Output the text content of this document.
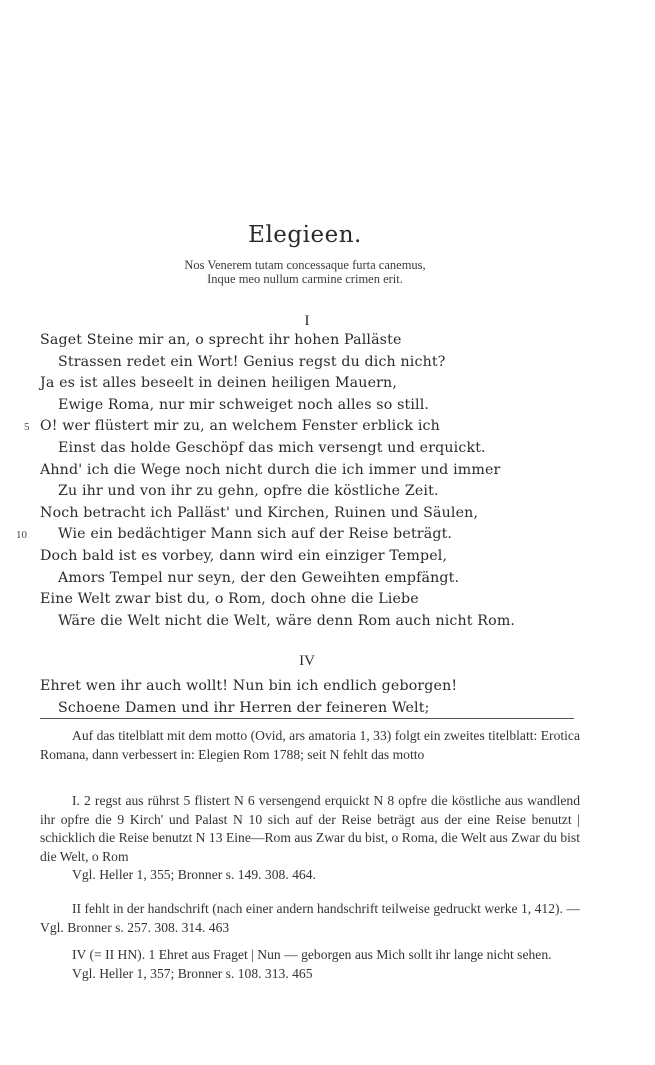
Elegieen.
Nos Venerem tutam concessaque furta canemus,
Inque meo nullum carmine crimen erit.
I
Saget Steine mir an, o sprecht ihr hohen Palläste
Strassen redet ein Wort! Genius regst du dich nicht?
Ja es ist alles beseelt in deinen heiligen Mauern,
Ewige Roma, nur mir schweiget noch alles so still.
O! wer flüstert mir zu, an welchem Fenster erblick ich
5
Einst das holde Geschöpf das mich versengt und erquickt.
Ahnd' ich die Wege noch nicht durch die ich immer und immer
Zu ihr und von ihr zu gehn, opfre die köstliche Zeit.
Noch betracht ich Palläst' und Kirchen, Ruinen und Säulen,
Wie ein bedächtiger Mann sich auf der Reise beträgt.
10
Doch bald ist es vorbey, dann wird ein einziger Tempel,
Amors Tempel nur seyn, der den Geweihten empfängt.
Eine Welt zwar bist du, o Rom, doch ohne die Liebe
Wäre die Welt nicht die Welt, wäre denn Rom auch nicht Rom.
IV
Ehret wen ihr auch wollt! Nun bin ich endlich geborgen!
Schoene Damen und ihr Herren der feineren Welt;

Auf das titelblatt mit dem motto (Ovid, ars amatoria 1, 33) folgt ein zweites titelblatt: Erotica Romana, dann verbessert in: Elegien Rom 1788; seit N fehlt das motto

I. 2 regst aus rührst 5 flistert N 6 versengend erquickt N 8 opfre die köstliche aus wandlend ihr opfre die 9 Kirch' und Palast N 10 sich auf der Reise beträgt aus der eine Reise benutzt | schicklich die Reise benutzt N 13 Eine—Rom aus Zwar du bist, o Roma, die Welt aus Zwar du bist die Welt, o Rom

Vgl. Heller 1, 355; Bronner s. 149. 308. 464.

II fehlt in der handschrift (nach einer andern handschrift teilweise gedruckt werke 1, 412). — Vgl. Bronner s. 257. 308. 314. 463

IV (= II HN). 1 Ehret aus Fraget | Nun — geborgen aus Mich sollt ihr lange nicht sehen.

Vgl. Heller 1, 357; Bronner s. 108. 313. 465
